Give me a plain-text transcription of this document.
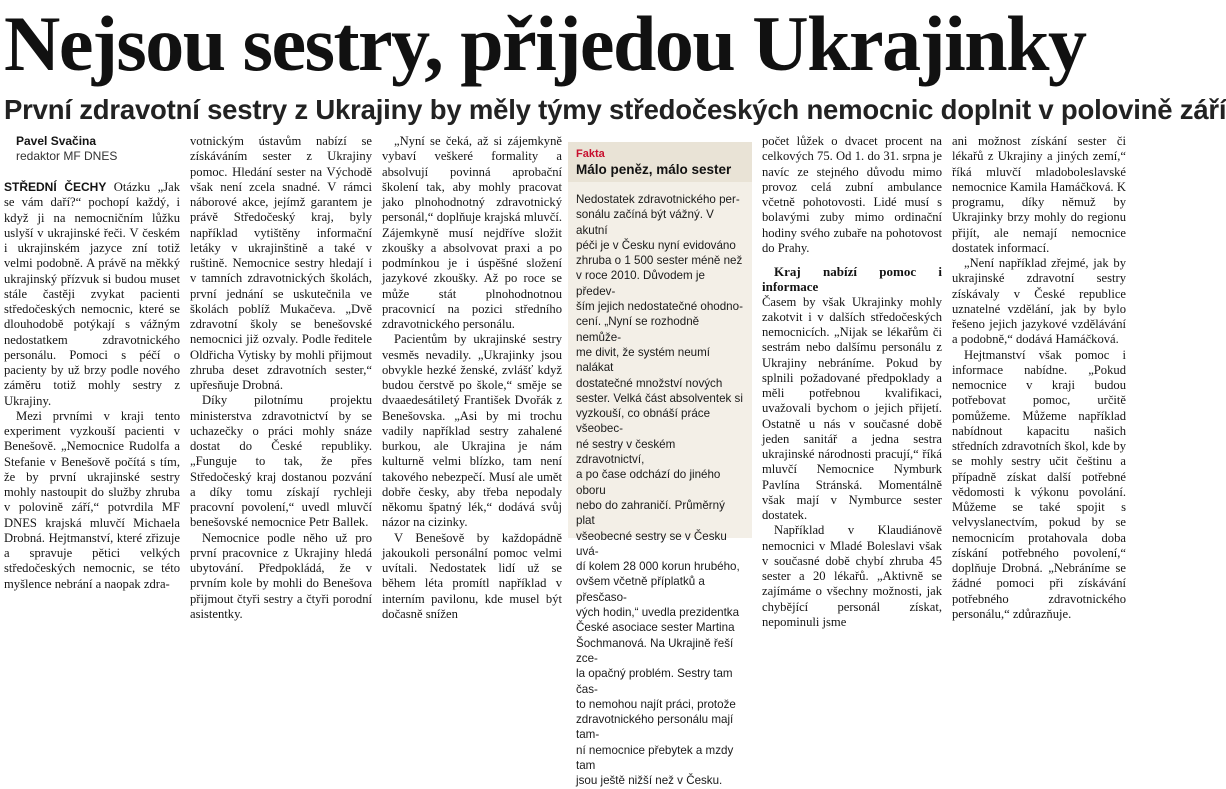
Nejsou sestry, přijedou Ukrajinky
První zdravotní sestry z Ukrajiny by měly týmy středočeských nemocnic doplnit v polovině září

Pavel Svačina

redaktor MF DNES

STŘEDNÍ ČECHY Otázku „Jak se vám daří?“ pochopí každý, i když ji na nemocničním lůžku uslyší v ukrajinské řeči. V českém i ukrajinském jazyce zní totiž velmi podobně. A právě na měkký ukrajinský přízvuk si budou muset stále častěji zvykat pacienti středočeských nemocnic, které se dlouhodobě potýkají s vážným nedostatkem zdravotnického personálu. Pomoci s péčí o pacienty by už brzy podle nového záměru totiž mohly sestry z Ukrajiny.

Mezi prvními v kraji tento experiment vyzkouší pacienti v Benešově. „Nemocnice Rudolfa a Stefanie v Benešově počítá s tím, že by první ukrajinské sestry mohly nastoupit do služby zhruba v polovině září,“ potvrdila MF DNES krajská mluvčí Michaela Drobná. Hejtmanství, které zřizuje a spravuje pětici velkých středočeských nemocnic, se této myšlence nebrání a naopak zdra-

votnickým ústavům nabízí se získáváním sester z Ukrajiny pomoc. Hledání sester na Východě však není zcela snadné. V rámci náborové akce, jejímž garantem je právě Středočeský kraj, byly například vytištěny informační letáky v ukrajinštině a také v ruštině. Nemocnice sestry hledají i v tamních zdravotnických školách, první jednání se uskutečnila ve školách poblíž Mukačeva. „Dvě zdravotní školy se benešovské nemocnici již ozvaly. Podle ředitele Oldřicha Vytisky by mohli přijmout zhruba deset zdravotních sester,“ upřesňuje Drobná.

Díky pilotnímu projektu ministerstva zdravotnictví by se uchazečky o práci mohly snáze dostat do České republiky. „Funguje to tak, že přes Středočeský kraj dostanou pozvání a díky tomu získají rychleji pracovní povolení,“ uvedl mluvčí benešovské nemocnice Petr Ballek.

Nemocnice podle něho už pro první pracovnice z Ukrajiny hledá ubytování. Předpokládá, že v prvním kole by mohli do Benešova přijmout čtyři sestry a čtyři porodní asistentky.

„Nyní se čeká, až si zájemkyně vybaví veškeré formality a absolvují povinná aprobační školení tak, aby mohly pracovat jako plnohodnotný zdravotnický personál,“ doplňuje krajská mluvčí. Zájemkyně musí nejdříve složit zkoušky a absolvovat praxi a po podmínkou je i úspěšné složení jazykové zkoušky. Až po roce se může stát plnohodnotnou pracovnicí na pozici středního zdravotnického personálu.

Pacientům by ukrajinské sestry vesměs nevadily. „Ukrajinky jsou obvykle hezké ženské, zvlášť když budou čerstvě po škole,“ směje se dvaaedesátiletý František Dvořák z Benešovska. „Asi by mi trochu vadily například sestry zahalené burkou, ale Ukrajina je nám kulturně velmi blízko, tam není takového nebezpečí. Musí ale umět dobře česky, aby třeba nepodaly někomu špatný lék,“ dodává svůj názor na cizinky.

V Benešově by každopádně jakoukoli personální pomoc velmi uvítali. Nedostatek lidí už se během léta promítl například v interním pavilonu, kde musel být dočasně snížen

Fakta
Málo peněz, málo sester
Nedostatek zdravotnického per-
sonálu začíná být vážný. V akutní
péči je v Česku nyní evidováno
zhruba o 1 500 sester méně než
v roce 2010. Důvodem je předev-
ším jejich nedostatečné ohodno-
cení. „Nyní se rozhodně nemůže-
me divit, že systém neumí nalákat
dostatečné množství nových
sester. Velká část absolventek si
vyzkouší, co obnáší práce všeobec-
né sestry v českém zdravotnictví,
a po čase odchází do jiného oboru
nebo do zahraničí. Průměrný plat
všeobecné sestry se v Česku uvá-
dí kolem 28 000 korun hrubého,
ovšem včetně příplatků a přesčaso-
vých hodin,“ uvedla prezidentka
České asociace sester Martina
Šochmanová. Na Ukrajině řeší zce-
la opačný problém. Sestry tam čas-
to nemohou najít práci, protože
zdravotnického personálu mají tam-
ní nemocnice přebytek a mzdy tam
jsou ještě nižší než v Česku.

počet lůžek o dvacet procent na celkových 75. Od 1. do 31. srpna je navíc ze stejného důvodu mimo provoz celá zubní ambulance včetně pohotovosti. Lidé musí s bolavými zuby mimo ordinační hodiny svého zubaře na pohotovost do Prahy.

Kraj nabízí pomoc i informace

Časem by však Ukrajinky mohly zakotvit i v dalších středočeských nemocnicích. „Nijak se lékařům či sestrám nebo dalšímu personálu z Ukrajiny nebráníme. Pokud by splnili požadované předpoklady a měli potřebnou kvalifikaci, uvažovali bychom o jejich přijetí. Ostatně u nás v současné době jeden sanitář a jedna sestra ukrajinské národnosti pracují,“ říká mluvčí Nemocnice Nymburk Pavlína Stránská. Momentálně však mají v Nymburce sester dostatek.

Například v Klaudiánově nemocnici v Mladé Boleslavi však v současné době chybí zhruba 45 sester a 20 lékařů. „Aktivně se zajímáme o všechny možnosti, jak chybějící personál získat, nepominuli jsme

ani možnost získání sester či lékařů z Ukrajiny a jiných zemí,“ říká mluvčí mladoboleslavské nemocnice Kamila Hamáčková. K programu, díky němuž by Ukrajinky brzy mohly do regionu přijít, ale nemají nemocnice dostatek informací.

„Není například zřejmé, jak by ukrajinské zdravotní sestry získávaly v České republice uznatelné vzdělání, jak by bylo řešeno jejich jazykové vzdělávání a podobně,“ dodává Hamáčková.

Hejtmanství však pomoc i informace nabídne. „Pokud nemocnice v kraji budou potřebovat pomoc, určitě pomůžeme. Můžeme například nabídnout kapacitu našich středních zdravotních škol, kde by se mohly sestry učit češtinu a případně získat další potřebné vědomosti k výkonu povolání. Můžeme se také spojit s velvyslanectvím, pokud by se nemocnicím protahovala doba získání potřebného povolení,“ doplňuje Drobná. „Nebráníme se žádné pomoci při získávání potřebného zdravotnického personálu,“ zdůrazňuje.
